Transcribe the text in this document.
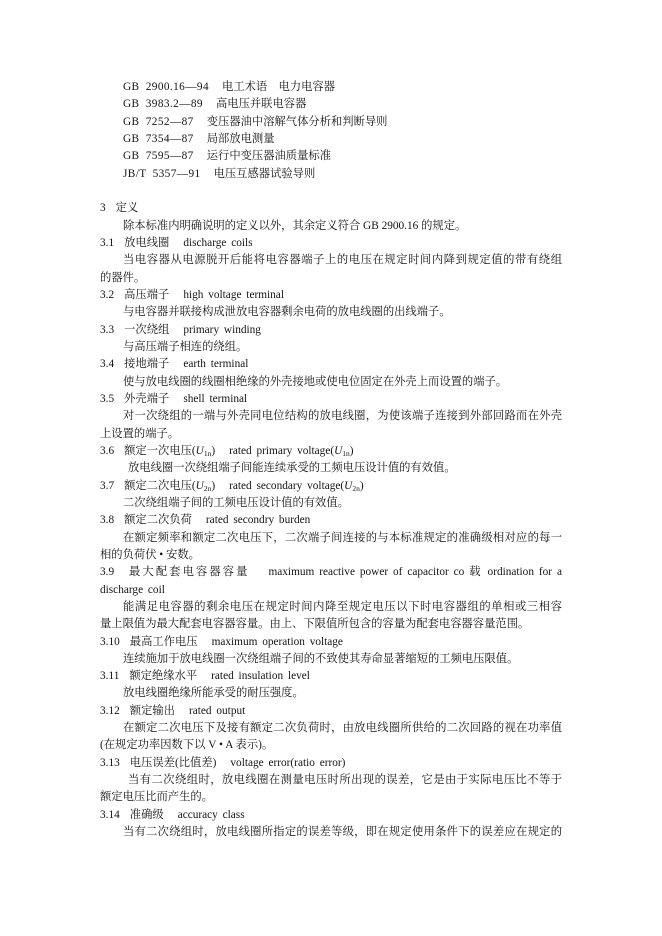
GB 2900.16—94 电工术语　电力电容器
GB 3983.2—89 高电压并联电容器
GB 7252—87 变压器油中溶解气体分析和判断导则
GB 7354—87 局部放电测量
GB 7595—87 运行中变压器油质量标准
JB/T 5357—91 电压互感器试验导则
3 定义
除本标准内明确说明的定义以外，其余定义符合 GB 2900.16 的规定。
3.1 放电线圈 discharge coils
当电容器从电源脱开后能将电容器端子上的电压在规定时间内降到规定值的带有绕组
的器件。
3.2 高压端子 high voltage terminal
与电容器并联接构成泄放电容器剩余电荷的放电线圈的出线端子。
3.3 一次绕组 primary winding
与高压端子相连的绕组。
3.4 接地端子 earth terminal
使与放电线圈的线圈相绝缘的外壳接地或使电位固定在外壳上而设置的端子。
3.5 外壳端子 shell terminal
对一次绕组的一端与外壳同电位结构的放电线圈，为使该端子连接到外部回路而在外壳
上设置的端子。
3.6 额定一次电压$(U_{1n})$ rated primary $voltage(U_{1n})$
放电线圈一次绕组端子间能连续承受的工频电压设计值的有效值。
3.7 额定二次电压$(U_{2n})$ rated secondary $voltage(U_{2n})$
二次绕组端子间的工频电压设计值的有效值。
3.8 额定二次负荷 rated secondry burden
在额定频率和额定二次电压下，二次端子间连接的与本标准规定的准确级相对应的每一
相的负荷伏 • 安数。
3.9 最大配套电容器容量 maximum reactive power of capacitor co 载 ordination for a
discharge coil
能满足电容器的剩余电压在规定时间内降至规定电压以下时电容器组的单相或三相容
量上限值为最大配套电容器容量。由上、下限值所包含的容量为配套电容器容量范围。
3.10 最高工作电压 maximum operation voltage
连续施加于放电线圈一次绕组端子间的不致使其寿命显著缩短的工频电压限值。
3.11 额定绝缘水平 rated insulation level
放电线圈绝缘所能承受的耐压强度。
3.12 额定输出 rated output
在额定二次电压下及接有额定二次负荷时，由放电线圈所供给的二次回路的视在功率值
(在规定功率因数下以 V • A 表示)。
3.13 电压误差(比值差) voltage error(ratio error)
当有二次绕组时，放电线圈在测量电压时所出现的误差，它是由于实际电压比不等于
额定电压比而产生的。
3.14 准确级 accuracy class
当有二次绕组时，放电线圈所指定的误差等级，即在规定使用条件下的误差应在规定的
